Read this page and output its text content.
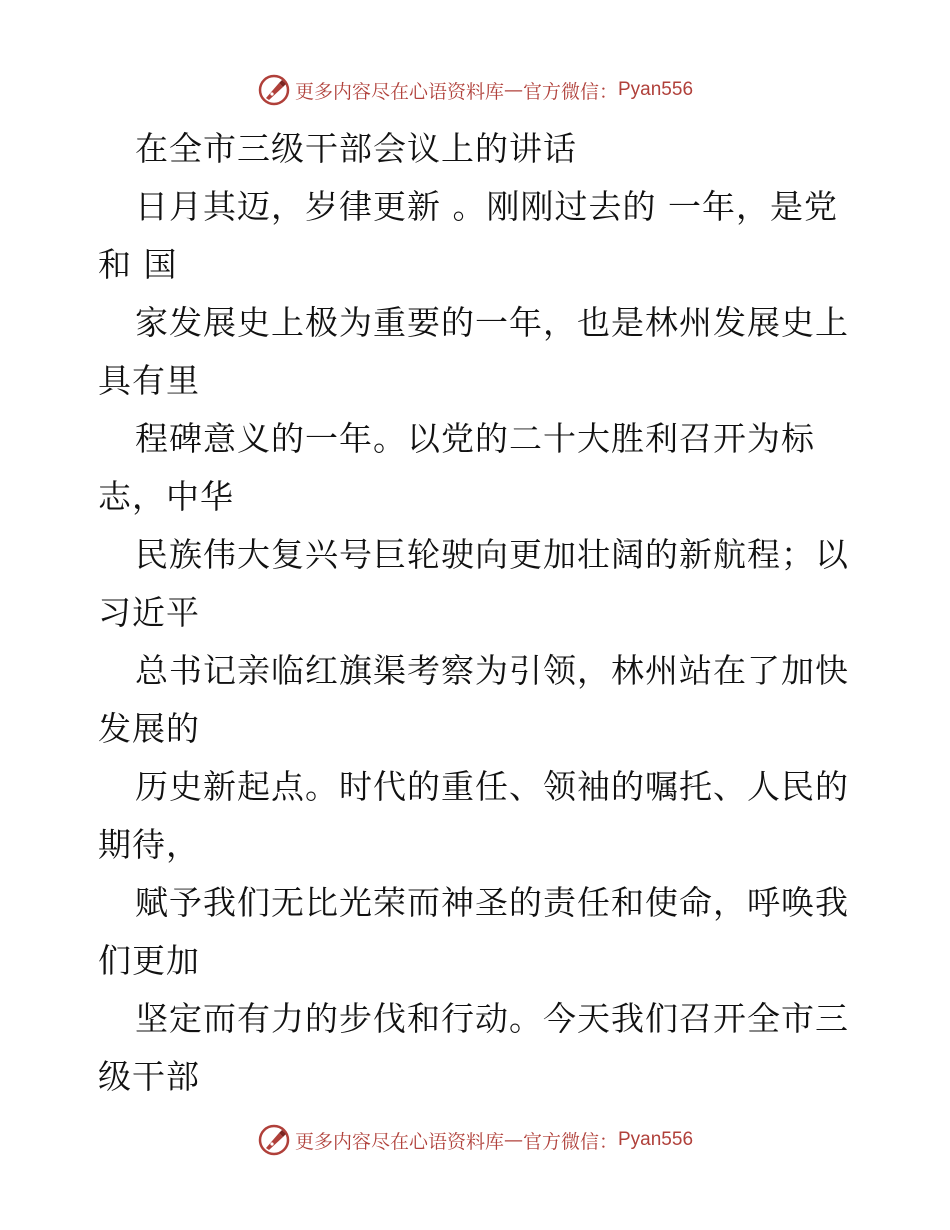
更多内容尽在心语资料库 — 官方微信： Pyan556
在全市三级干部会议上的讲话
日月其迈，岁律更新 。刚刚过去的 一年，是党
和 国
家发展史上极为重要的一年，也是林州发展史上
具有里
程碑意义的一年。以党的二十大胜利召开为标
志，中华
民族伟大复兴号巨轮驶向更加壮阔的新航程；以
习近平
总书记亲临红旗渠考察为引领，林州站在了加快
发展的
历史新起点。时代的重任、领袖的嘱托、人民的
期待，
赋予我们无比光荣而神圣的责任和使命，呼唤我
们更加
坚定而有力的步伐和行动。今天我们召开全市三
级干部
更多内容尽在心语资料库 — 官方微信： Pyan556
